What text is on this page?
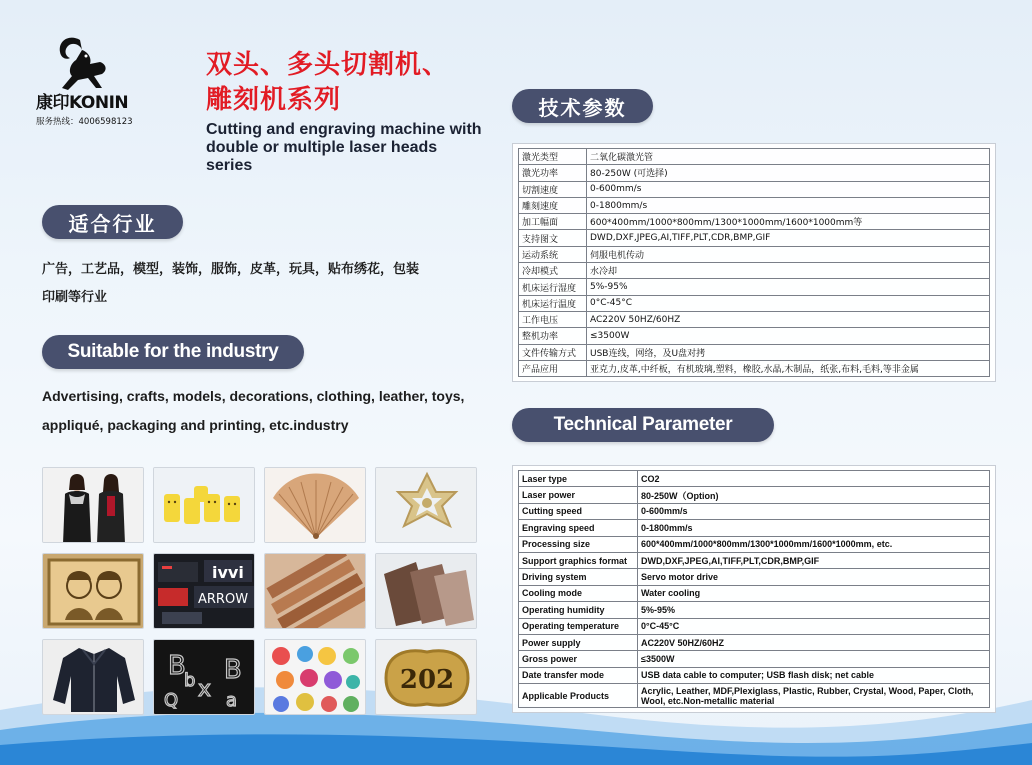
康印KONIN
服务热线：4006598123
双头、多头切割机、
雕刻机系列
Cutting and engraving machine with double or multiple laser heads series
适合行业
广告，工艺品，模型，装饰，服饰，皮革，玩具，贴布绣花，包装
印刷等行业
Suitable for the industry
Advertising, crafts, models, decorations, clothing, leather, toys,
appliqué, packaging and printing, etc.industry
ivvi
ARROW
B
b x
B
a
Q
202
技术参数
激光类型	二氧化碳激光管
激光功率	80-250W (可选择)
切割速度	0-600mm/s
雕刻速度	0-1800mm/s
加工幅面	600*400mm/1000*800mm/1300*1000mm/1600*1000mm等
支持图文	DWD,DXF,JPEG,AI,TIFF,PLT,CDR,BMP,GIF
运动系统	伺服电机传动
冷却模式	水冷却
机床运行湿度	5%-95%
机床运行温度	0°C-45°C
工作电压	AC220V 50HZ/60HZ
整机功率	≤3500W
文件传输方式	USB连线，网络，及U盘对拷
产品应用	亚克力,皮革,中纤板，有机玻璃,塑料，橡胶,水晶,木制品，纸张,布料,毛料,等非金属
Technical Parameter
Laser type	CO2
Laser power	80-250W（Option)
Cutting speed	0-600mm/s
Engraving speed	0-1800mm/s
Processing size	600*400mm/1000*800mm/1300*1000mm/1600*1000mm, etc.
Support graphics format	DWD,DXF,JPEG,AI,TIFF,PLT,CDR,BMP,GIF
Driving system	Servo motor drive
Cooling mode	Water cooling
Operating humidity	5%-95%
Operating temperature	0°C-45°C
Power supply	AC220V 50HZ/60HZ
Gross power	≤3500W
Date transfer mode	USB data cable to computer; USB flash disk; net cable
Applicable Products	Acrylic, Leather, MDF,Plexiglass, Plastic, Rubber, Crystal, Wood, Paper, Cloth, Wool, etc.Non-metallic material
